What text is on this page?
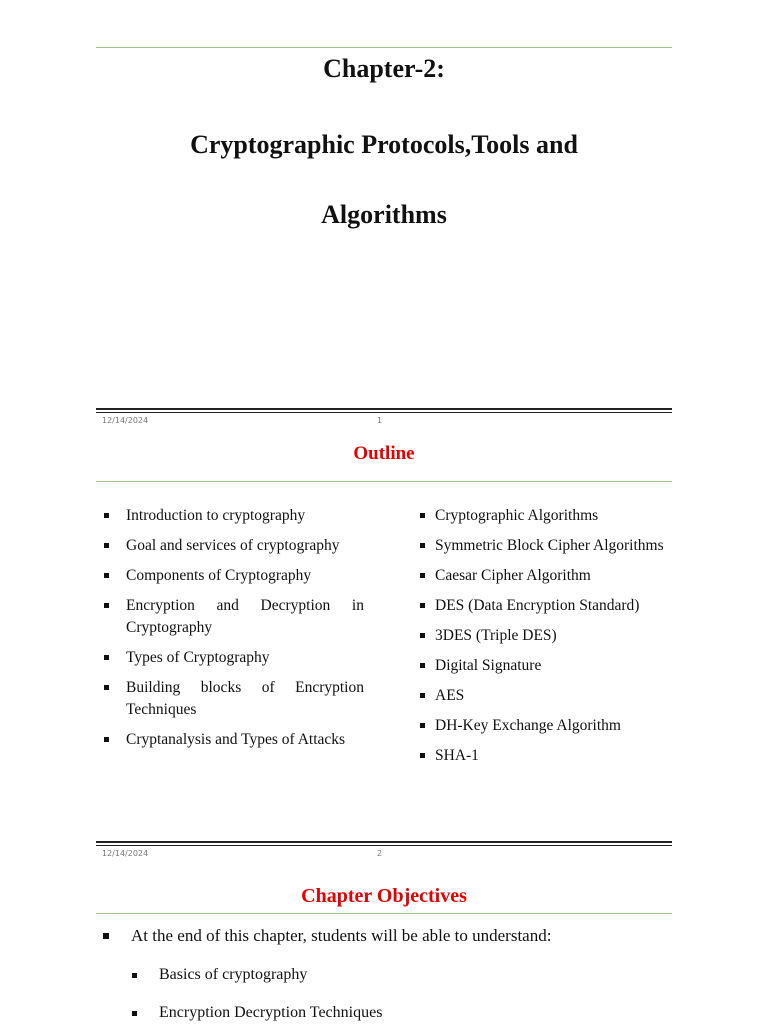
Chapter-2:
Cryptographic Protocols,Tools and
Algorithms
12/14/2024	1
Outline
Introduction to cryptography
Goal and services of cryptography
Components of Cryptography
Encryption and Decryption in Cryptography
Types of Cryptography
Building blocks of Encryption Techniques
Cryptanalysis and Types of Attacks
Cryptographic Algorithms
Symmetric Block Cipher Algorithms
Caesar Cipher Algorithm
DES (Data Encryption Standard)
3DES (Triple DES)
Digital Signature
AES
DH-Key Exchange Algorithm
SHA-1
12/14/2024	2
Chapter Objectives
At the end of this chapter, students will be able to understand:
Basics of cryptography
Encryption Decryption Techniques
